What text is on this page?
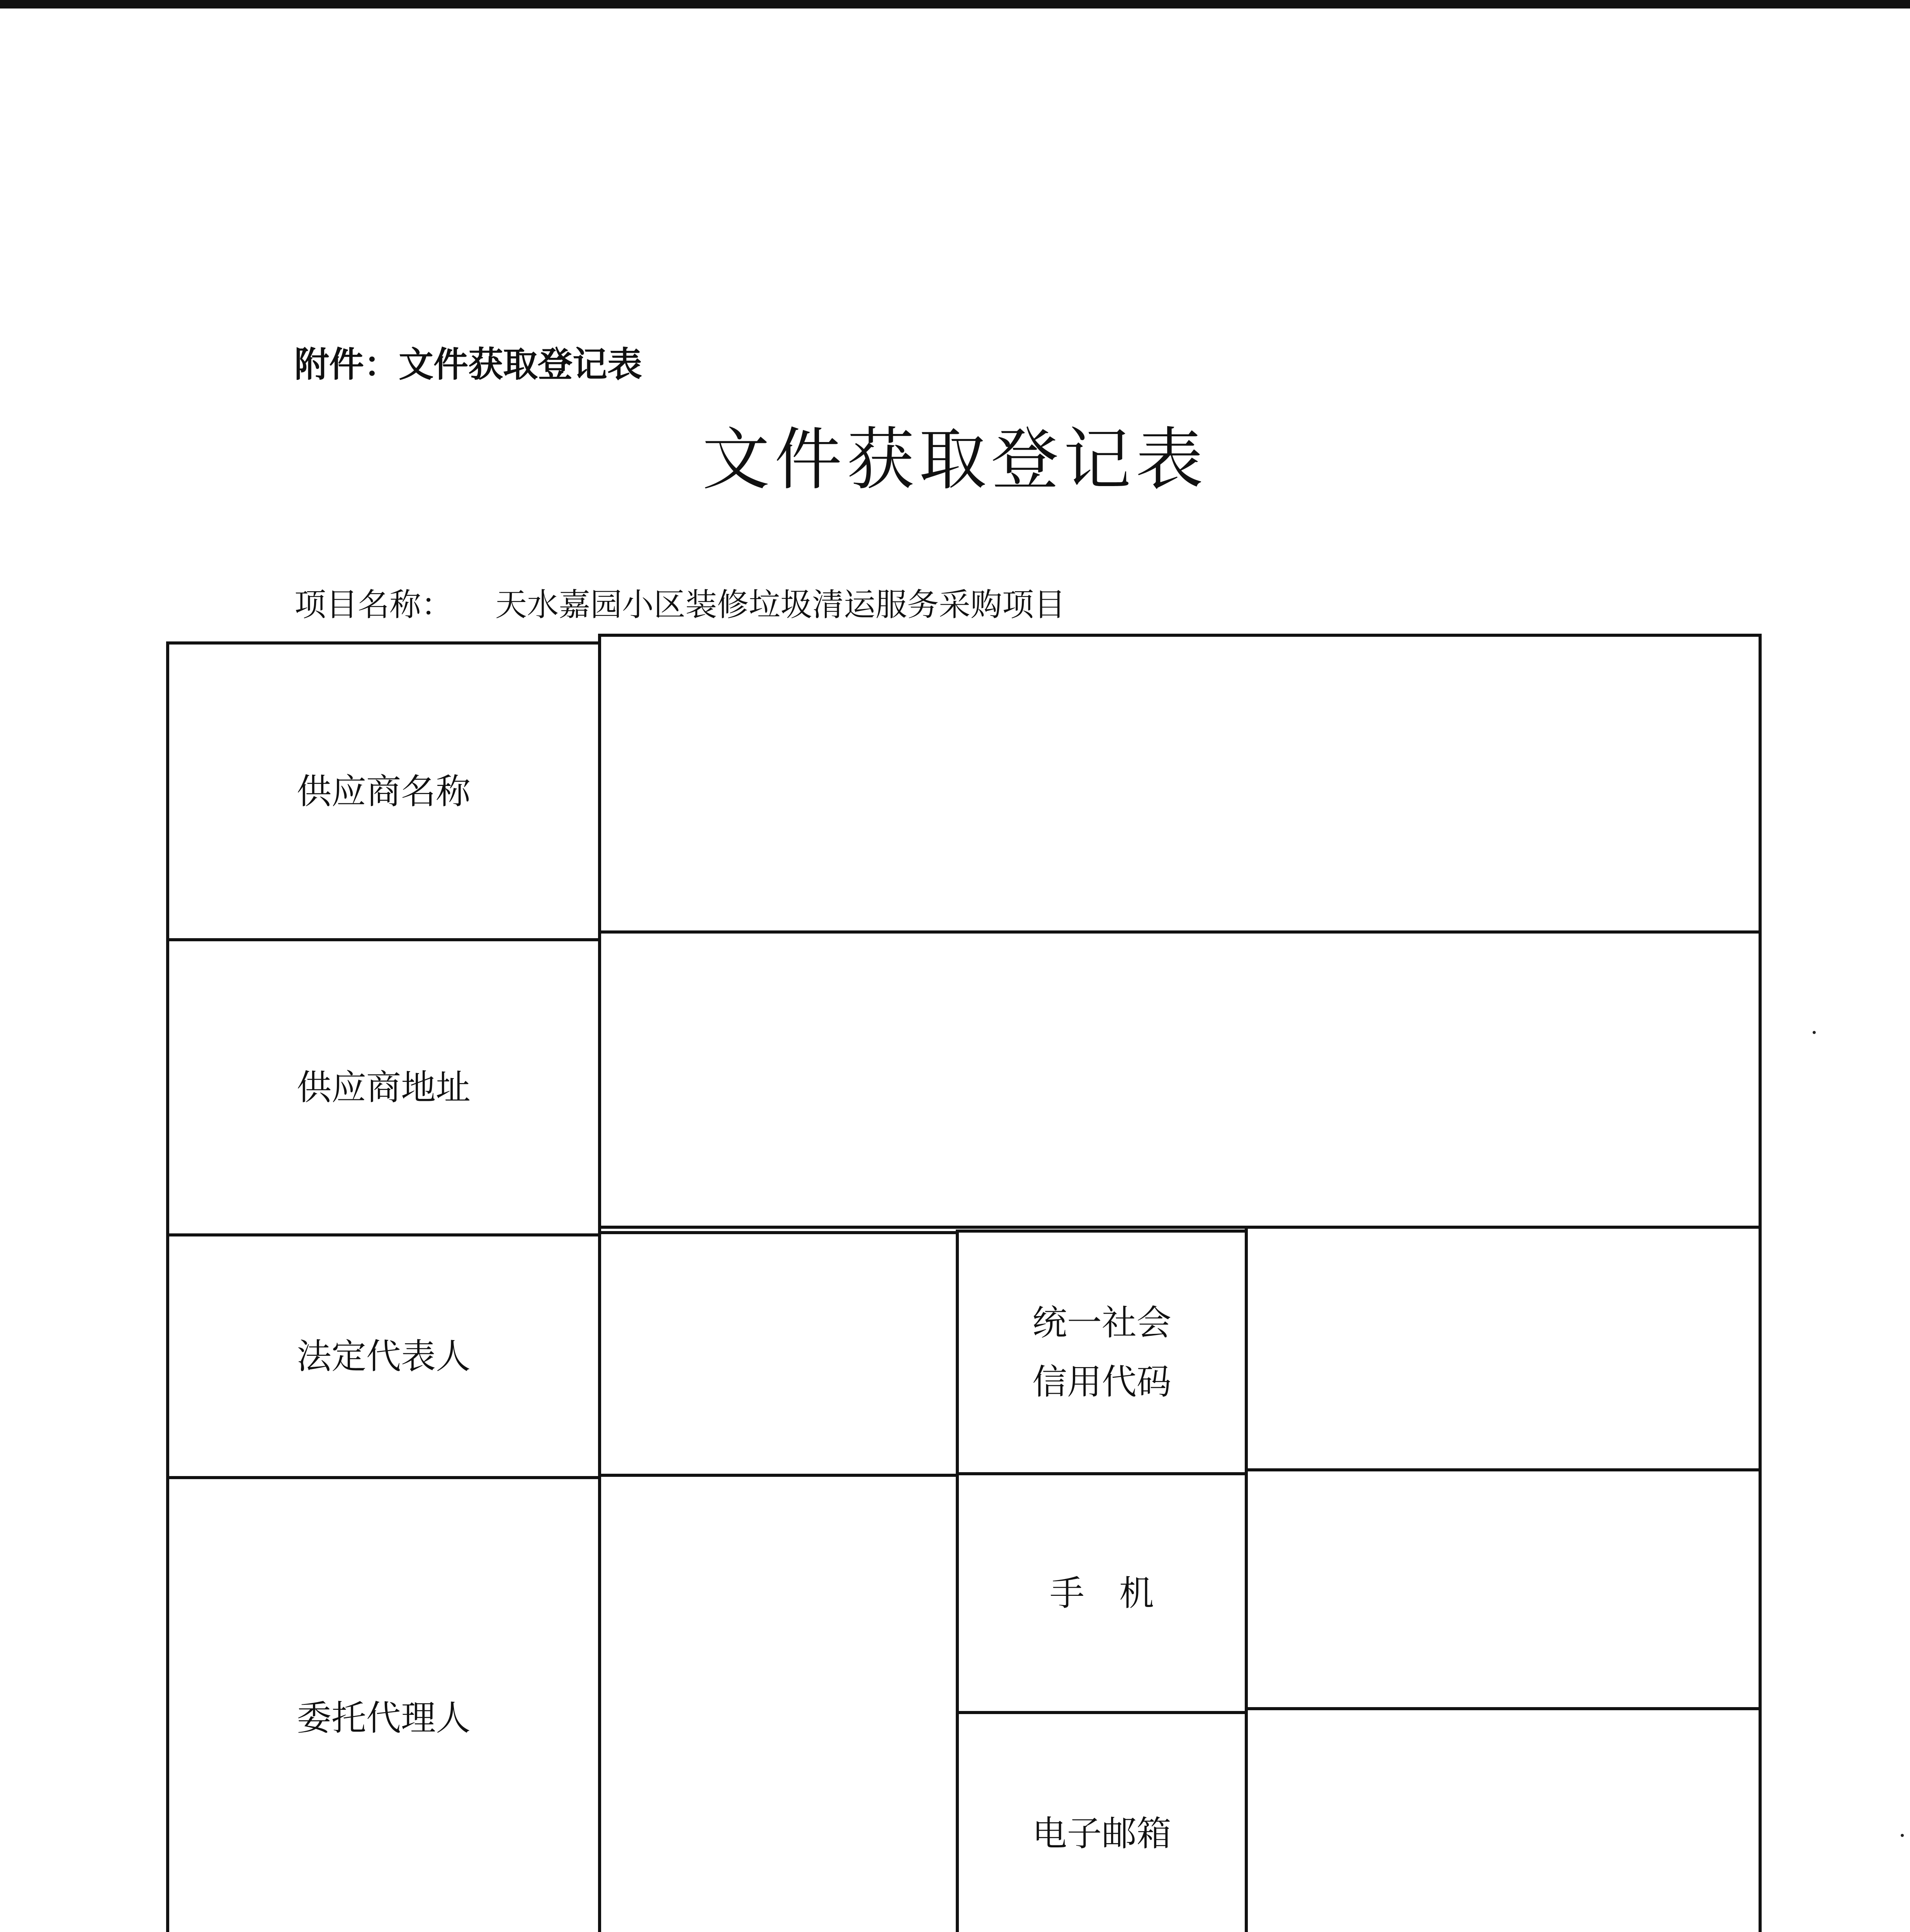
附件：文件获取登记表
文件获取登记表
项目名称： 天水嘉园小区装修垃圾清运服务采购项目
供应商名称
供应商地址
法定代表人
统一社会
信用代码
委托代理人
手　机
电子邮箱
